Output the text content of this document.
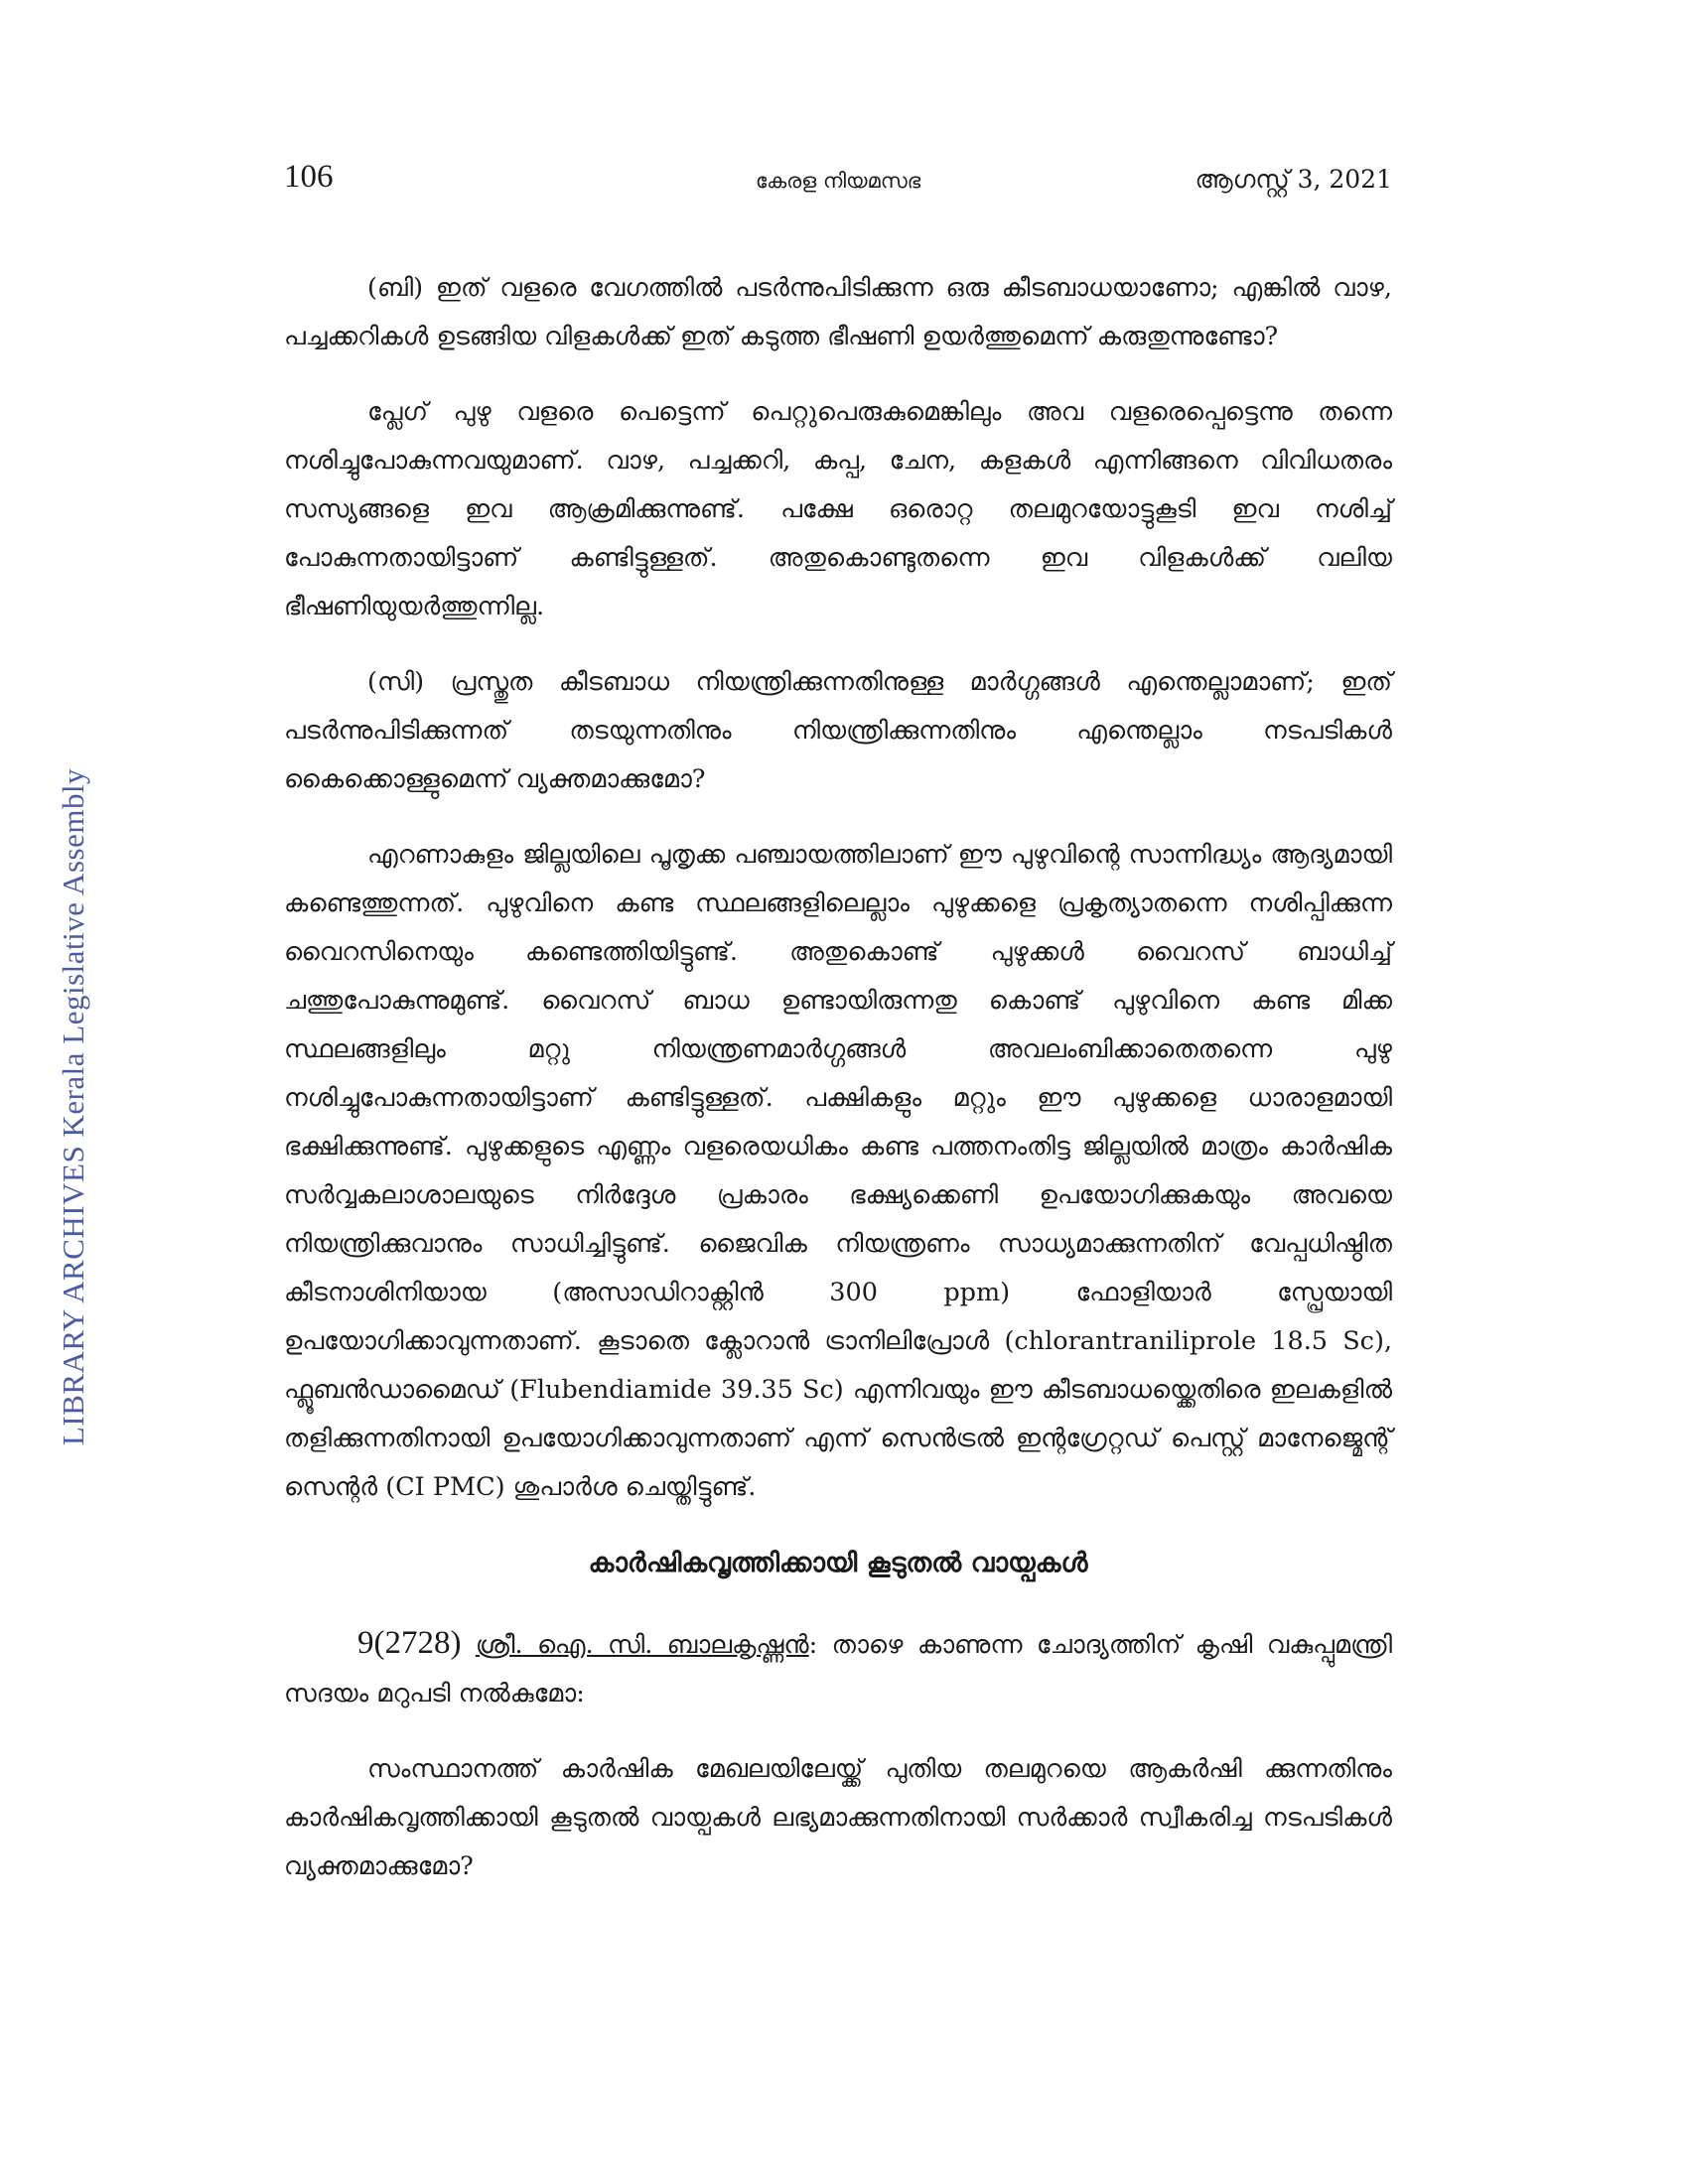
LIBRARY ARCHIVES Kerala Legislative Assembly
106	കേരള നിയമസഭ	ആഗസ്റ്റ് 3, 2021

(ബി) ഇത് വളരെ വേഗത്തിൽ പടർന്നുപിടിക്കുന്ന ഒരു കീടബാധയാണോ; എങ്കിൽ വാഴ, പച്ചക്കറികൾ ഉടങ്ങിയ വിളകൾക്ക് ഇത് കടുത്ത ഭീഷണി ഉയർത്തുമെന്ന് കരുതുന്നുണ്ടോ?

പ്ലേഗ് പുഴു വളരെ പെട്ടെന്ന് പെറ്റുപെരുകുമെങ്കിലും അവ വളരെപ്പെട്ടെന്നു തന്നെ നശിച്ചുപോകുന്നവയുമാണ്. വാഴ, പച്ചക്കറി, കപ്പ, ചേന, കളകൾ എന്നിങ്ങനെ വിവിധതരം സസ്യങ്ങളെ ഇവ ആക്രമിക്കുന്നുണ്ട്. പക്ഷേ ഒരൊറ്റ തലമുറയോട്ടുകൂടി ഇവ നശിച്ച് പോകുന്നതായിട്ടാണ് കണ്ടിട്ടുള്ളത്. അതുകൊണ്ടുതന്നെ ഇവ വിളകൾക്ക് വലിയ ഭീഷണിയുയർത്തുന്നില്ല.

(സി) പ്രസ്തുത കീടബാധ നിയന്ത്രിക്കുന്നതിനുള്ള മാർഗ്ഗങ്ങൾ എന്തെല്ലാമാണ്; ഇത് പടർന്നുപിടിക്കുന്നത് തടയുന്നതിനും നിയന്ത്രിക്കുന്നതിനും എന്തെല്ലാം നടപടികൾ കൈക്കൊള്ളുമെന്ന് വ്യക്തമാക്കുമോ?

എറണാകുളം ജില്ലയിലെ പൂതൃക്ക പഞ്ചായത്തിലാണ് ഈ പുഴുവിന്റെ സാന്നിദ്ധ്യം ആദ്യമായി കണ്ടെത്തുന്നത്. പുഴുവിനെ കണ്ട സ്ഥലങ്ങളിലെല്ലാം പുഴുക്കളെ പ്രകൃത്യാതന്നെ നശിപ്പിക്കുന്ന വൈറസിനെയും കണ്ടെത്തിയിട്ടുണ്ട്. അതുകൊണ്ട് പുഴുക്കൾ വൈറസ് ബാധിച്ച് ചത്തുപോകുന്നുമുണ്ട്. വൈറസ് ബാധ ഉണ്ടായിരുന്നതു കൊണ്ട് പുഴുവിനെ കണ്ട മിക്ക സ്ഥലങ്ങളിലും മറ്റു നിയന്ത്രണമാർഗ്ഗങ്ങൾ അവലംബിക്കാതെതന്നെ പുഴു നശിച്ചുപോകുന്നതായിട്ടാണ് കണ്ടിട്ടുള്ളത്. പക്ഷികളും മറ്റും ഈ പുഴുക്കളെ ധാരാളമായി ഭക്ഷിക്കുന്നുണ്ട്. പുഴുക്കളുടെ എണ്ണം വളരെയധികം കണ്ട പത്തനംതിട്ട ജില്ലയിൽ മാത്രം കാർഷിക സർവ്വകലാശാലയുടെ നിർദ്ദേശ പ്രകാരം ഭക്ഷ്യക്കെണി ഉപയോഗിക്കുകയും അവയെ നിയന്ത്രിക്കുവാനും സാധിച്ചിട്ടുണ്ട്. ജൈവിക നിയന്ത്രണം സാധ്യമാക്കുന്നതിന് വേപ്പധിഷ്ഠിത കീടനാശിനിയായ (അസാഡിറാക്റ്റിൻ 300 ppm) ഫോളിയാർ സ്പ്രേയായി ഉപയോഗിക്കാവുന്നതാണ്. കൂടാതെ ക്ലോറാൻ ട്രാനിലിപ്രോൾ (chlorantraniliprole 18.5 Sc), ഫ്ലൂബൻഡാമൈഡ് (Flubendiamide 39.35 Sc) എന്നിവയും ഈ കീടബാധയ്ക്കെതിരെ ഇലകളിൽ തളിക്കുന്നതിനായി ഉപയോഗിക്കാവുന്നതാണ് എന്ന് സെൻട്രൽ ഇന്റഗ്രേറ്റഡ് പെസ്റ്റ് മാനേജ്മെന്റ് സെന്റർ (CI PMC) ശുപാർശ ചെയ്തിട്ടുണ്ട്.

കാർഷികവൃത്തിക്കായി കൂടുതൽ വായ്പകൾ

9(2728) ശ്രീ. ഐ. സി. ബാലകൃഷ്ണൻ: താഴെ കാണുന്ന ചോദ്യത്തിന് കൃഷി വകുപ്പുമന്ത്രി സദയം മറുപടി നൽകുമോ:

സംസ്ഥാനത്ത് കാർഷിക മേഖലയിലേയ്ക്ക് പുതിയ തലമുറയെ ആകർഷി ക്കുന്നതിനും കാർഷികവൃത്തിക്കായി കൂടുതൽ വായ്പകൾ ലഭ്യമാക്കുന്നതിനായി സർക്കാർ സ്വീകരിച്ച നടപടികൾ വ്യക്തമാക്കുമോ?
